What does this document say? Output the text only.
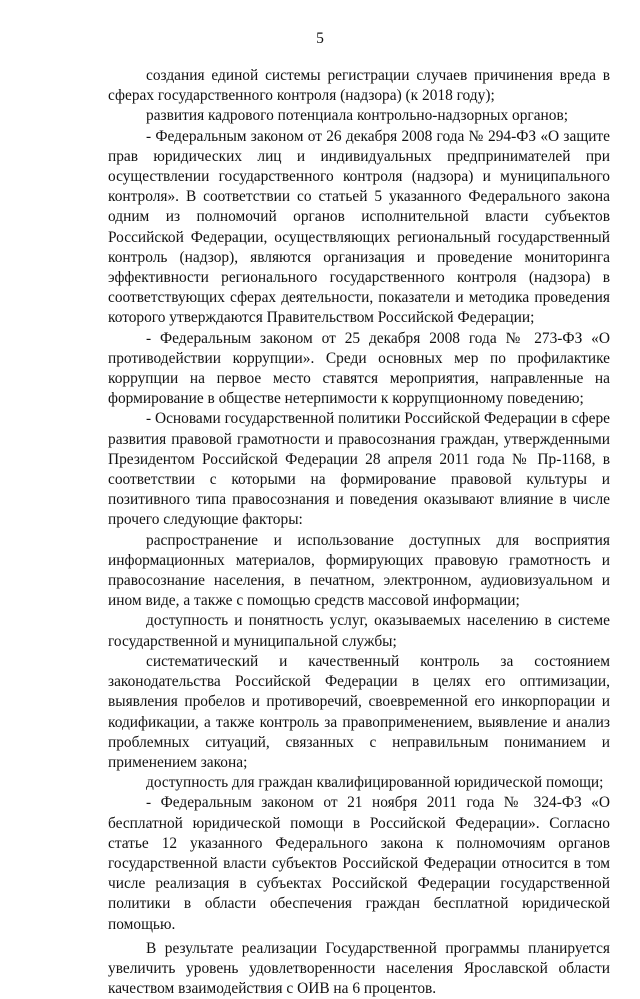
5

создания единой системы регистрации случаев причинения вреда в сферах государственного контроля (надзора) (к 2018 году);

развития кадрового потенциала контрольно-надзорных органов;

- Федеральным законом от 26 декабря 2008 года № 294-ФЗ «О защите прав юридических лиц и индивидуальных предпринимателей при осуществлении государственного контроля (надзора) и муниципального контроля». В соответствии со статьей 5 указанного Федерального закона одним из полномочий органов исполнительной власти субъектов Российской Федерации, осуществляющих региональный государственный контроль (надзор), являются организация и проведение мониторинга эффективности регионального государственного контроля (надзора) в соответствующих сферах деятельности, показатели и методика проведения которого утверждаются Правительством Российской Федерации;

- Федеральным законом от 25 декабря 2008 года № 273-ФЗ «О противодействии коррупции». Среди основных мер по профилактике коррупции на первое место ставятся мероприятия, направленные на формирование в обществе нетерпимости к коррупционному поведению;

- Основами государственной политики Российской Федерации в сфере развития правовой грамотности и правосознания граждан, утвержденными Президентом Российской Федерации 28 апреля 2011 года № Пр-1168, в соответствии с которыми на формирование правовой культуры и позитивного типа правосознания и поведения оказывают влияние в числе прочего следующие факторы:

распространение и использование доступных для восприятия информационных материалов, формирующих правовую грамотность и правосознание населения, в печатном, электронном, аудиовизуальном и ином виде, а также с помощью средств массовой информации;

доступность и понятность услуг, оказываемых населению в системе государственной и муниципальной службы;

систематический и качественный контроль за состоянием законодательства Российской Федерации в целях его оптимизации, выявления пробелов и противоречий, своевременной его инкорпорации и кодификации, а также контроль за правоприменением, выявление и анализ проблемных ситуаций, связанных с неправильным пониманием и применением закона;

доступность для граждан квалифицированной юридической помощи;

- Федеральным законом от 21 ноября 2011 года № 324-ФЗ «О бесплатной юридической помощи в Российской Федерации». Согласно статье 12 указанного Федерального закона к полномочиям органов государственной власти субъектов Российской Федерации относится в том числе реализация в субъектах Российской Федерации государственной политики в области обеспечения граждан бесплатной юридической помощью.

В результате реализации Государственной программы планируется увеличить уровень удовлетворенности населения Ярославской области качеством взаимодействия с ОИВ на 6 процентов.
